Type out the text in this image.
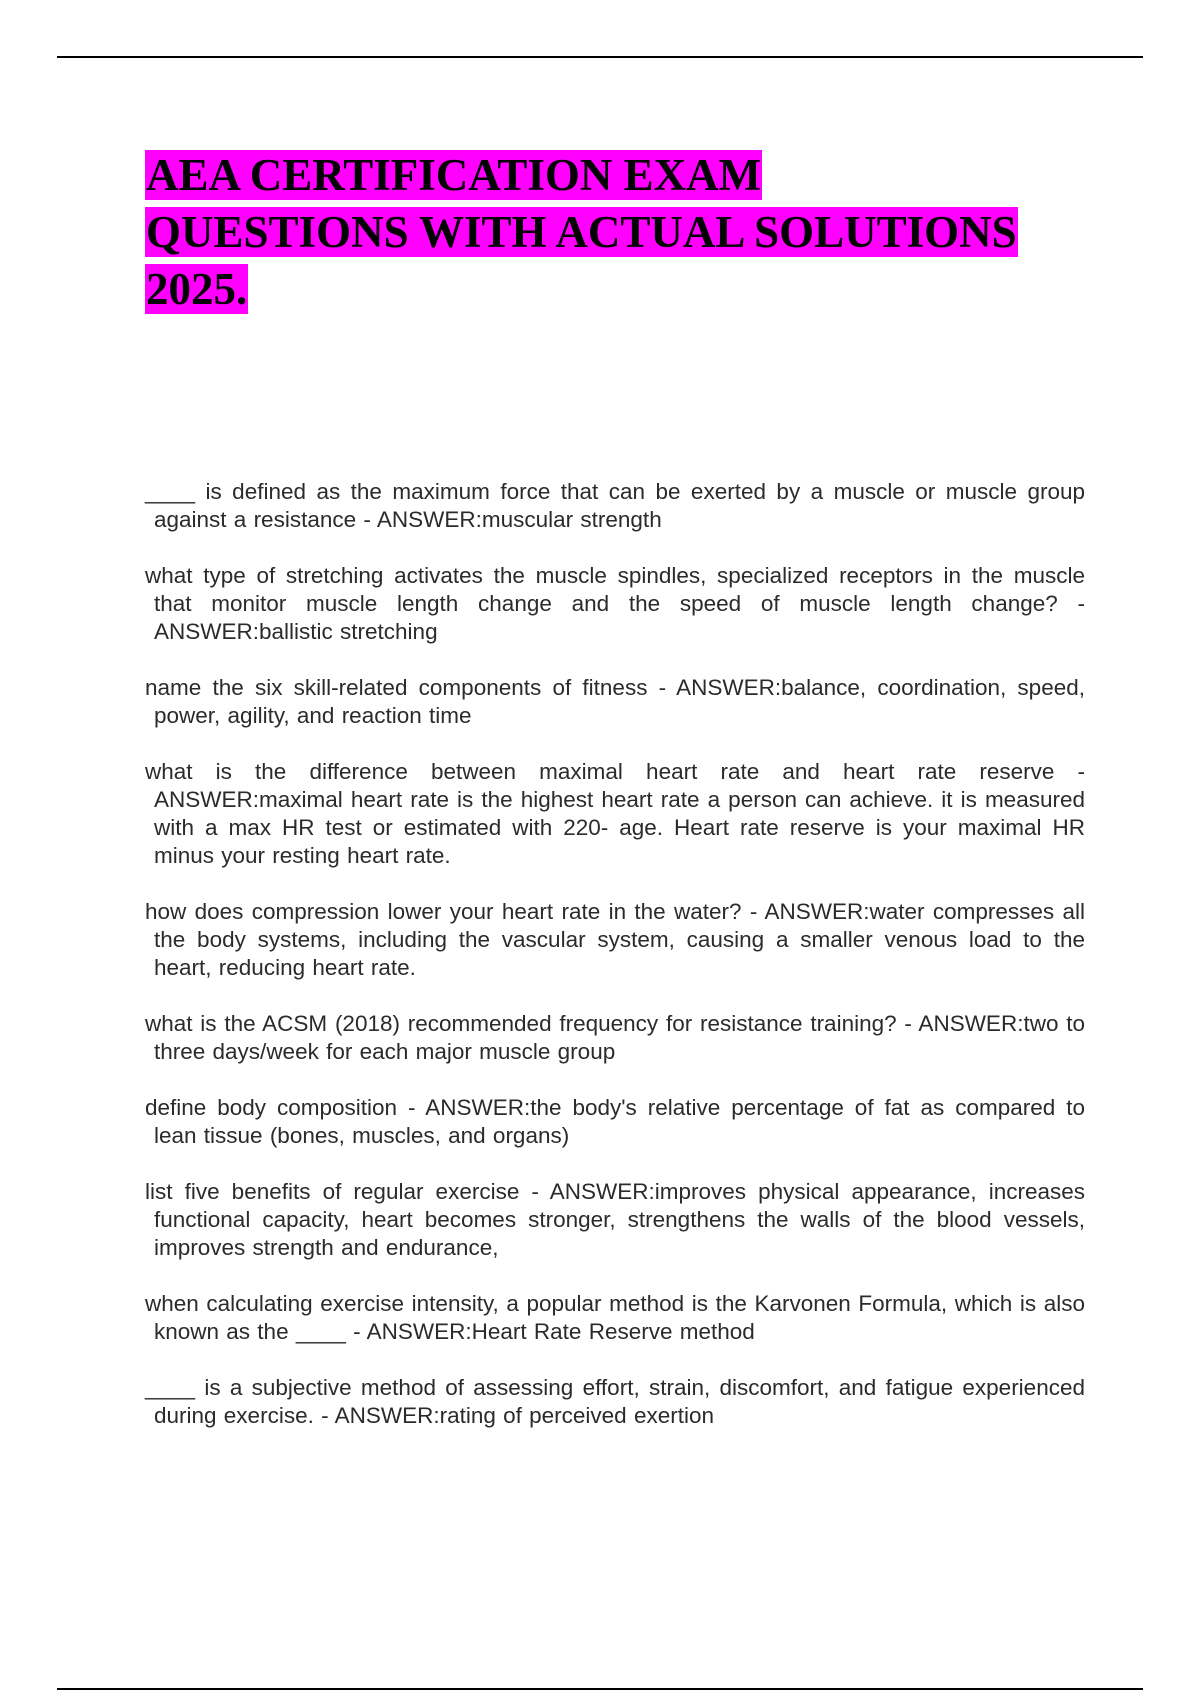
AEA CERTIFICATION EXAM
QUESTIONS WITH ACTUAL SOLUTIONS
2025.

____ is defined as the maximum force that can be exerted by a muscle or muscle group against a resistance - ANSWER:muscular strength

what type of stretching activates the muscle spindles, specialized receptors in the muscle that monitor muscle length change and the speed of muscle length change? - ANSWER:ballistic stretching

name the six skill-related components of fitness - ANSWER:balance, coordination, speed, power, agility, and reaction time

what is the difference between maximal heart rate and heart rate reserve - ANSWER:maximal heart rate is the highest heart rate a person can achieve. it is measured with a max HR test or estimated with 220- age. Heart rate reserve is your maximal HR minus your resting heart rate.

how does compression lower your heart rate in the water? - ANSWER:water compresses all the body systems, including the vascular system, causing a smaller venous load to the heart, reducing heart rate.

what is the ACSM (2018) recommended frequency for resistance training? - ANSWER:two to three days/week for each major muscle group

define body composition - ANSWER:the body's relative percentage of fat as compared to lean tissue (bones, muscles, and organs)

list five benefits of regular exercise - ANSWER:improves physical appearance, increases functional capacity, heart becomes stronger, strengthens the walls of the blood vessels, improves strength and endurance,

when calculating exercise intensity, a popular method is the Karvonen Formula, which is also known as the ____ - ANSWER:Heart Rate Reserve method

____ is a subjective method of assessing effort, strain, discomfort, and fatigue experienced during exercise. - ANSWER:rating of perceived exertion
